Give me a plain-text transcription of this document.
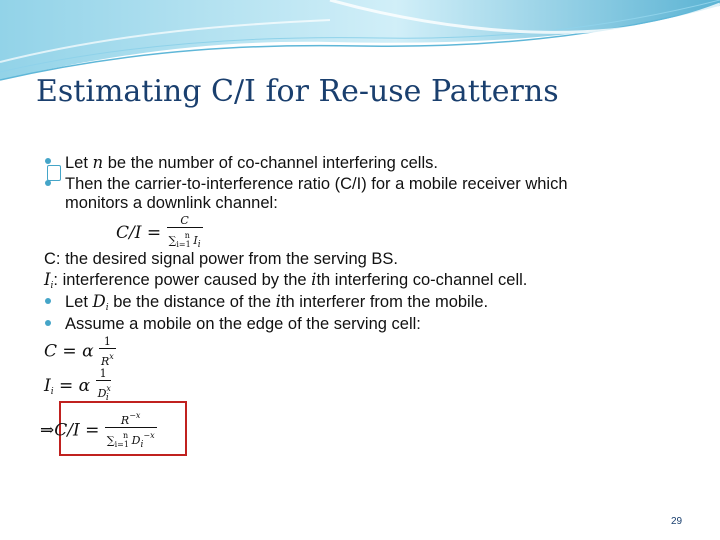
Estimating C/I for Re-use Patterns
Let n be the number of co-channel interfering cells.
Then the carrier-to-interference ratio (C/I) for a mobile receiver which
monitors a downlink channel:
$C/I = \frac{C}{\sum_{i=1}^n I_i}$
C: the desired signal power from the serving BS.
$I_i$: interference power caused by the ith interfering co-channel cell.
Let $D_i$ be the distance of the ith interferer from the mobile.
Assume a mobile on the edge of the serving cell:
C = α $\frac{1}{R^x}$
$I_i = \alpha \frac{1}{D^x_i}$
⇒C/I = $\frac{R^{-x}}{\sum_{i=1}^n D_i^{-x}}$
29
